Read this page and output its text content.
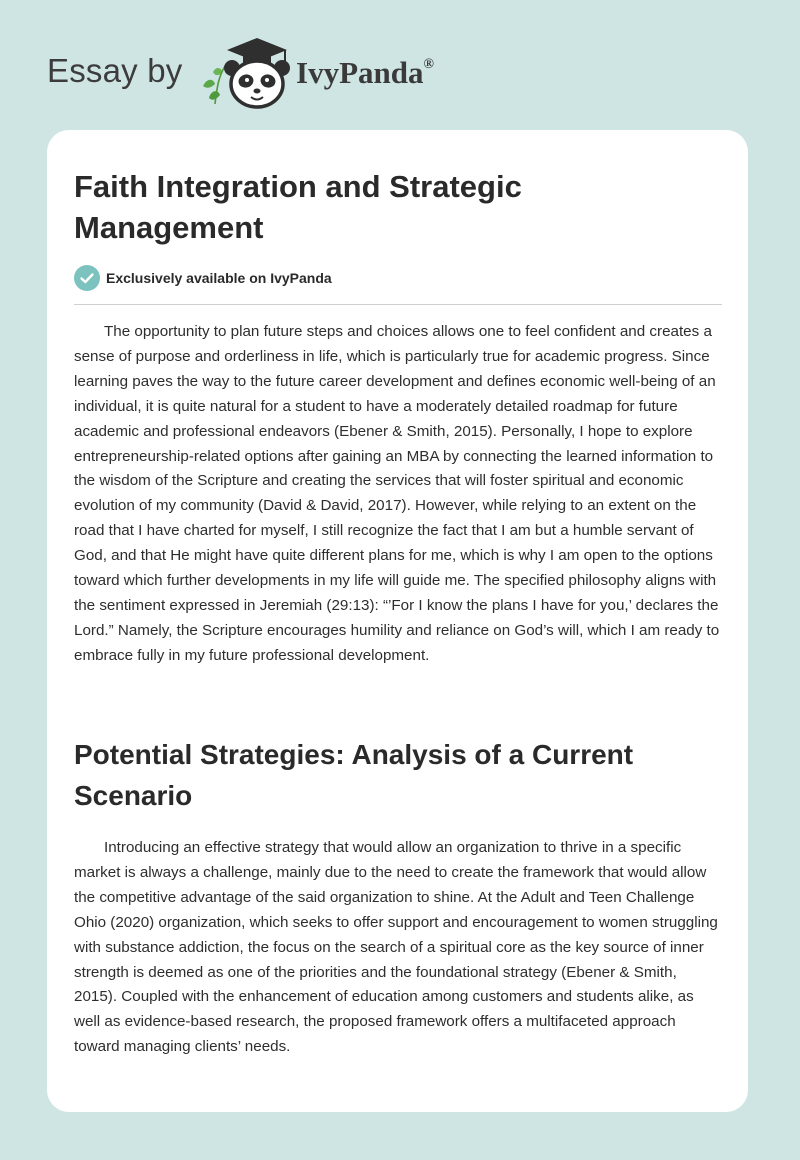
Essay by	IvyPanda®
Faith Integration and Strategic Management
Exclusively available on IvyPanda

The opportunity to plan future steps and choices allows one to feel confident and creates a sense of purpose and orderliness in life, which is particularly true for academic progress. Since learning paves the way to the future career development and defines economic well-being of an individual, it is quite natural for a student to have a moderately detailed roadmap for future academic and professional endeavors (Ebener & Smith, 2015). Personally, I hope to explore entrepreneurship-related options after gaining an MBA by connecting the learned information to the wisdom of the Scripture and creating the services that will foster spiritual and economic evolution of my community (David & David, 2017). However, while relying to an extent on the road that I have charted for myself, I still recognize the fact that I am but a humble servant of God, and that He might have quite different plans for me, which is why I am open to the options toward which further developments in my life will guide me. The specified philosophy aligns with the sentiment expressed in Jeremiah (29:13): “’For I know the plans I have for you,’ declares the Lord.” Namely, the Scripture encourages humility and reliance on God’s will, which I am ready to embrace fully in my future professional development.

Potential Strategies: Analysis of a Current Scenario

Introducing an effective strategy that would allow an organization to thrive in a specific market is always a challenge, mainly due to the need to create the framework that would allow the competitive advantage of the said organization to shine. At the Adult and Teen Challenge Ohio (2020) organization, which seeks to offer support and encouragement to women struggling with substance addiction, the focus on the search of a spiritual core as the key source of inner strength is deemed as one of the priorities and the foundational strategy (Ebener & Smith, 2015). Coupled with the enhancement of education among customers and students alike, as well as evidence-based research, the proposed framework offers a multifaceted approach toward managing clients’ needs.
